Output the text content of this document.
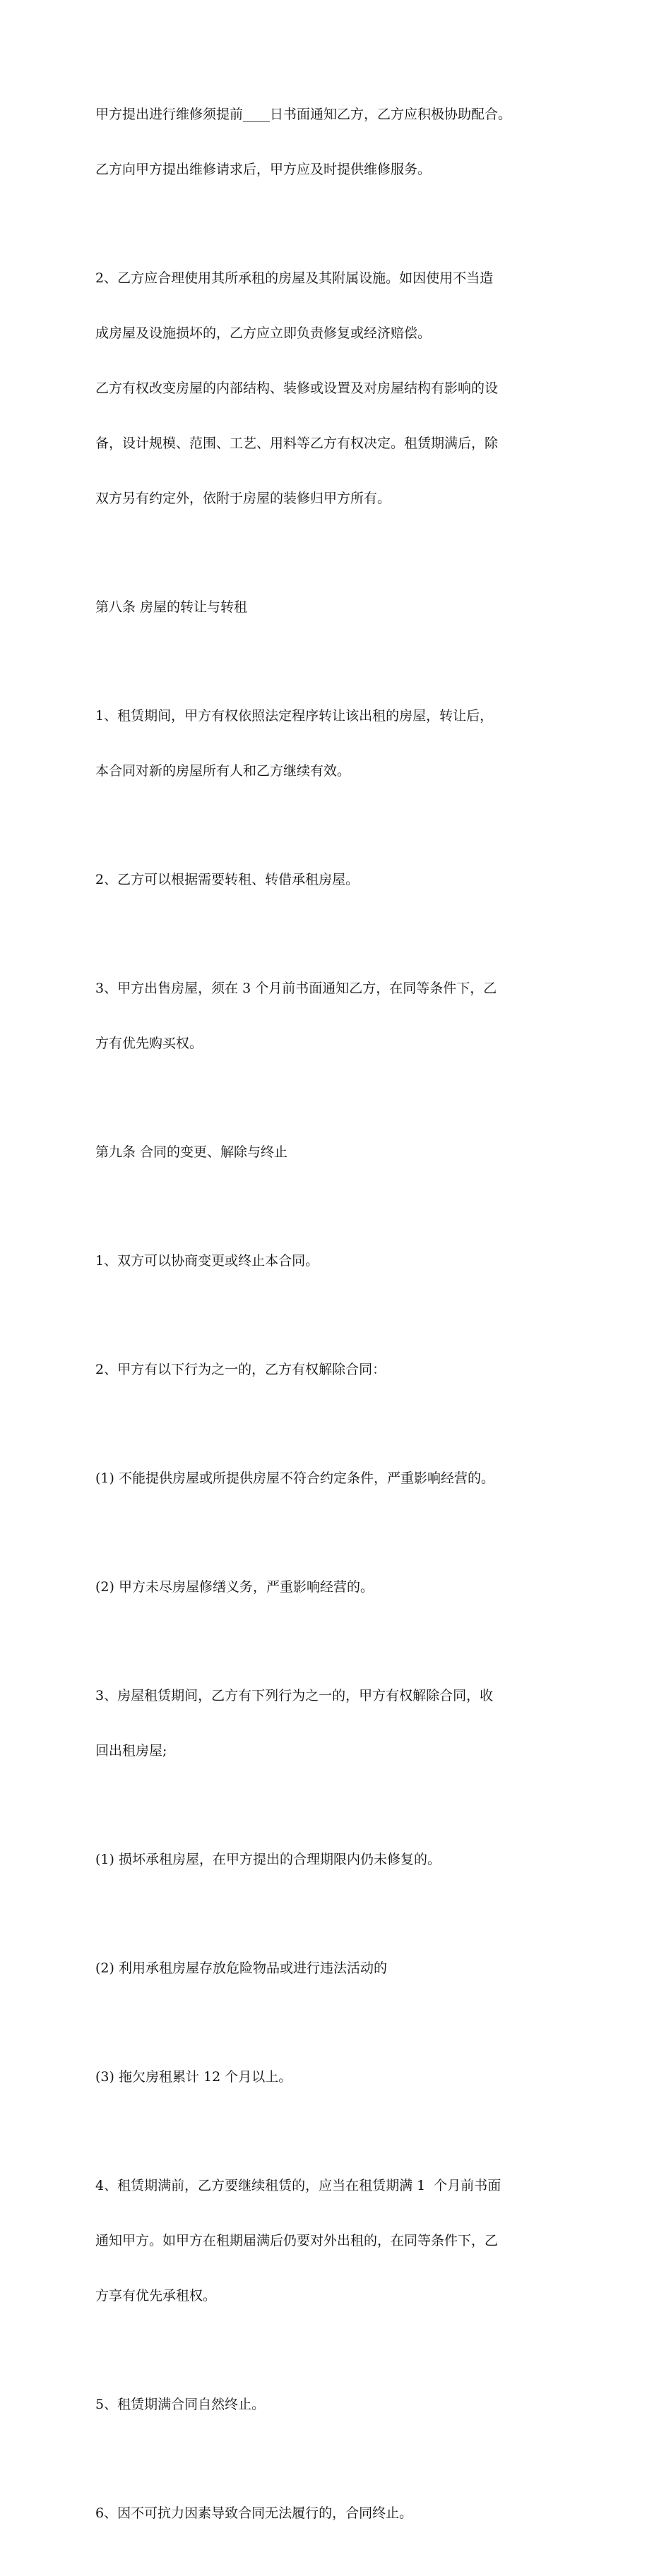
甲方提出进行维修须提前____日书面通知乙方，乙方应积极协助配合。

乙方向甲方提出维修请求后，甲方应及时提供维修服务。

2、乙方应合理使用其所承租的房屋及其附属设施。如因使用不当造

成房屋及设施损坏的，乙方应立即负责修复或经济赔偿。

乙方有权改变房屋的内部结构、装修或设置及对房屋结构有影响的设

备，设计规模、范围、工艺、用料等乙方有权决定。租赁期满后，除

双方另有约定外，依附于房屋的装修归甲方所有。

第八条 房屋的转让与转租

1、租赁期间，甲方有权依照法定程序转让该出租的房屋，转让后，

本合同对新的房屋所有人和乙方继续有效。

2、乙方可以根据需要转租、转借承租房屋。

3、甲方出售房屋，须在 3 个月前书面通知乙方，在同等条件下，乙

方有优先购买权。

第九条 合同的变更、解除与终止

1、双方可以协商变更或终止本合同。

2、甲方有以下行为之一的，乙方有权解除合同：

(1) 不能提供房屋或所提供房屋不符合约定条件，严重影响经营的。

(2) 甲方未尽房屋修缮义务，严重影响经营的。

3、房屋租赁期间，乙方有下列行为之一的，甲方有权解除合同，收

回出租房屋;

(1) 损坏承租房屋，在甲方提出的合理期限内仍未修复的。

(2) 利用承租房屋存放危险物品或进行违法活动的

(3) 拖欠房租累计 12 个月以上。

4、租赁期满前，乙方要继续租赁的，应当在租赁期满 1  个月前书面

通知甲方。如甲方在租期届满后仍要对外出租的，在同等条件下，乙

方享有优先承租权。

5、租赁期满合同自然终止。

6、因不可抗力因素导致合同无法履行的，合同终止。
